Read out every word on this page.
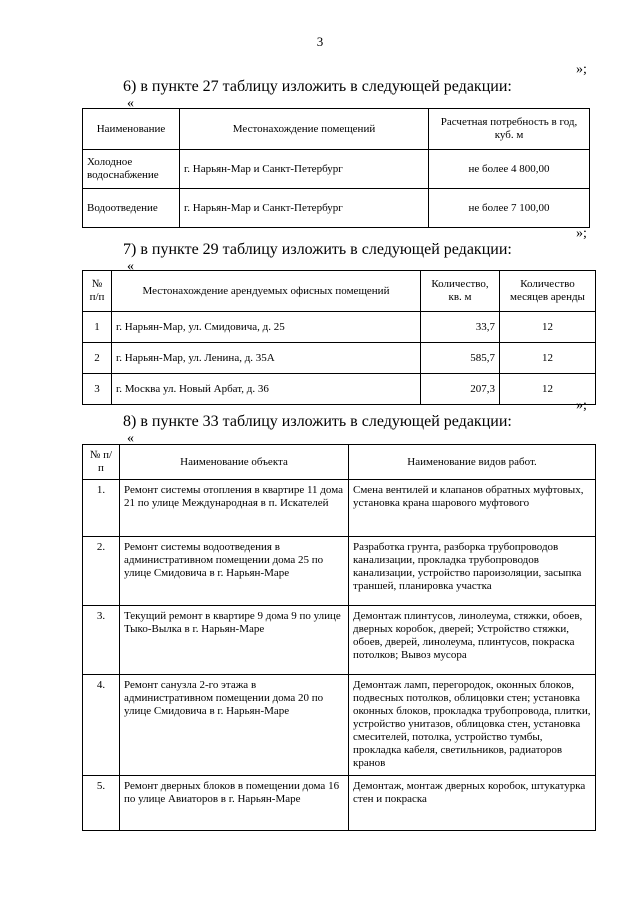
3
»;
6) в пункте 27 таблицу изложить в следующей редакции:
«
Наименование	Местонахождение помещений	Расчетная потребность в год, куб. м
Холодное водоснабжение	г. Нарьян-Мар и Санкт-Петербург	не более 4 800,00
Водоотведение	г. Нарьян-Мар и Санкт-Петербург	не более 7 100,00
»;
7) в пункте 29 таблицу изложить в следующей редакции:
«
№ п/п	Местонахождение арендуемых офисных помещений	Количество, кв. м	Количество месяцев аренды
1	г. Нарьян-Мар, ул. Смидовича, д. 25	33,7	12
2	г. Нарьян-Мар, ул. Ленина, д. 35А	585,7	12
3	г. Москва ул. Новый Арбат, д. 36	207,3	12
»;
8) в пункте 33 таблицу изложить в следующей редакции:
«
№ п/п	Наименование объекта	Наименование видов работ.
1.	Ремонт системы отопления в квартире 11 дома 21 по улице Международная в п. Искателей	Смена вентилей и клапанов обратных муфтовых, установка крана шарового муфтового
2.	Ремонт системы водоотведения в административном помещении дома 25 по улице Смидовича в г. Нарьян-Маре	Разработка грунта, разборка трубопроводов канализации, прокладка трубопроводов канализации, устройство пароизоляции, засыпка траншей, планировка участка
3.	Текущий ремонт в квартире 9 дома 9 по улице Тыко-Вылка в г. Нарьян-Маре	Демонтаж плинтусов, линолеума, стяжки, обоев, дверных коробок, дверей; Устройство стяжки, обоев, дверей, линолеума, плинтусов, покраска потолков; Вывоз мусора
4.	Ремонт санузла 2-го этажа в административном помещении дома 20 по улице Смидовича в г. Нарьян-Маре	Демонтаж ламп, перегородок, оконных блоков, подвесных потолков, облицовки стен; установка оконных блоков, прокладка трубопровода, плитки, устройство унитазов, облицовка стен, установка смесителей, потолка, устройство тумбы, прокладка кабеля, светильников, радиаторов кранов
5.	Ремонт дверных блоков в помещении дома 16 по улице Авиаторов в г. Нарьян-Маре	Демонтаж, монтаж дверных коробок, штукатурка стен и покраска
